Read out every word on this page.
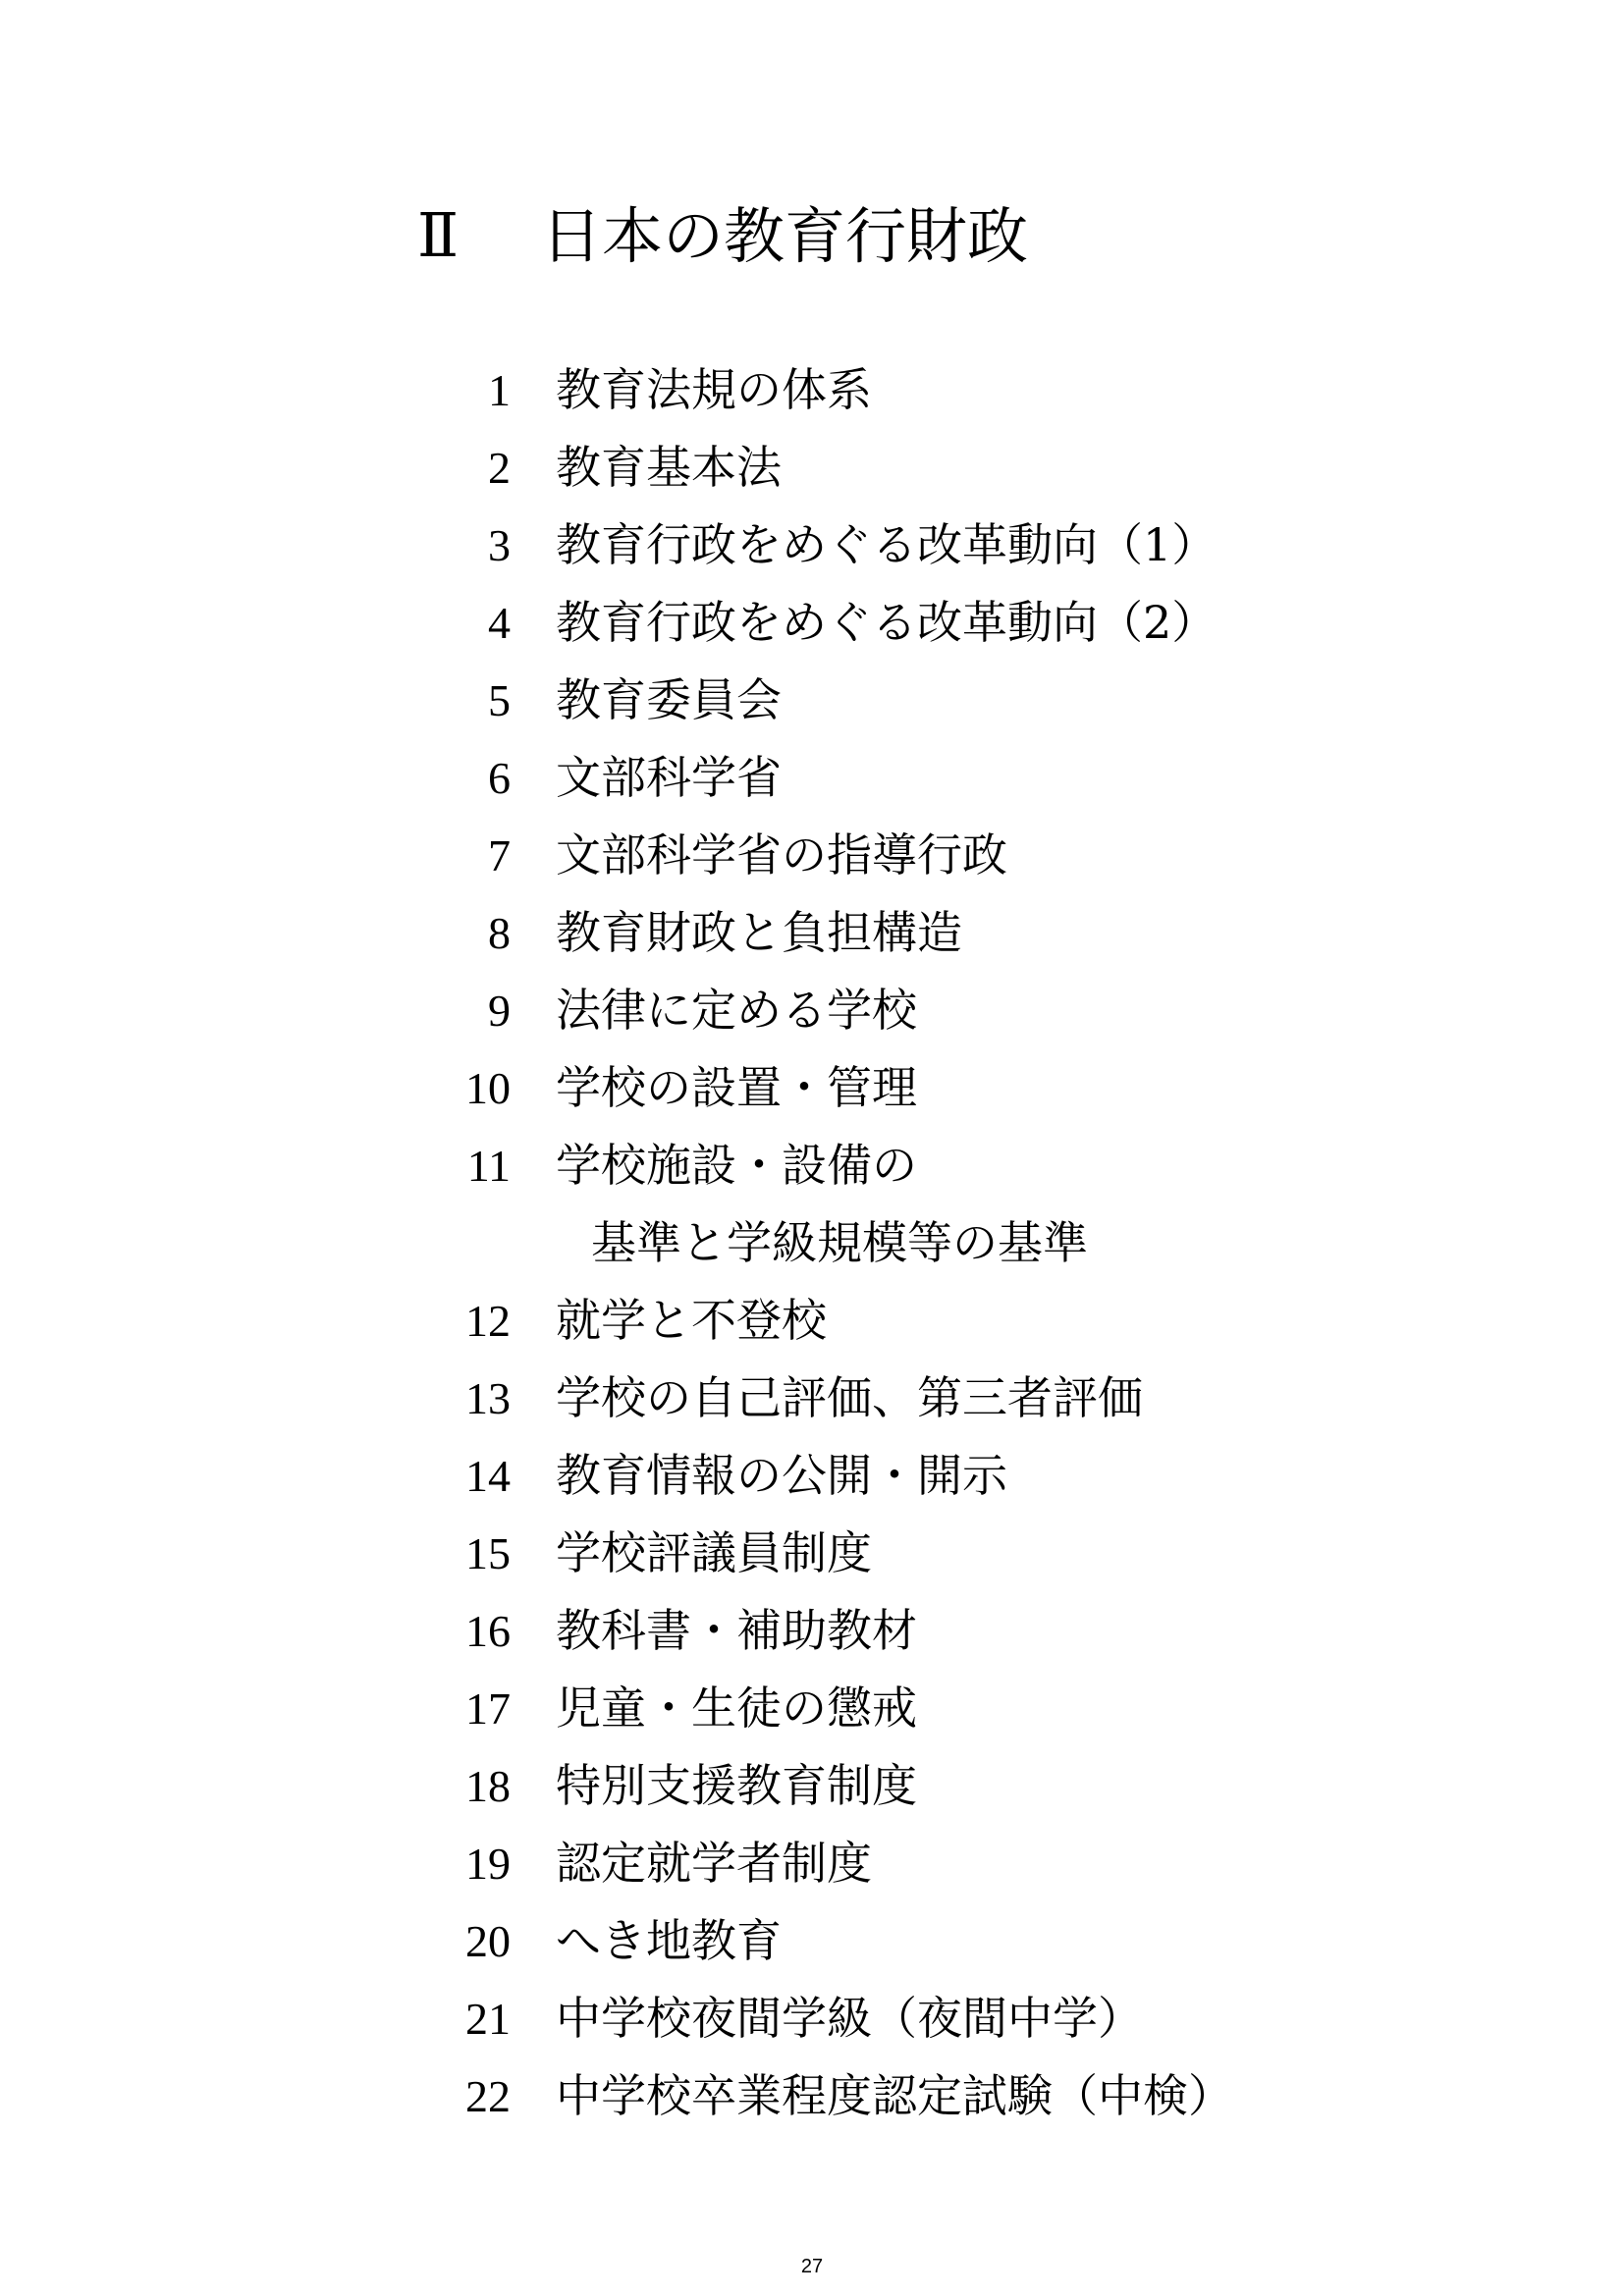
Ⅱ	日本の教育行財政
1 教育法規の体系
2 教育基本法
3 教育行政をめぐる改革動向（1）
4 教育行政をめぐる改革動向（2）
5 教育委員会
6 文部科学省
7 文部科学省の指導行政
8 教育財政と負担構造
9 法律に定める学校
10 学校の設置・管理
11 学校施設・設備の
基準と学級規模等の基準
12 就学と不登校
13 学校の自己評価、第三者評価
14 教育情報の公開・開示
15 学校評議員制度
16 教科書・補助教材
17 児童・生徒の懲戒
18 特別支援教育制度
19 認定就学者制度
20 へき地教育
21 中学校夜間学級（夜間中学）
22 中学校卒業程度認定試験（中検）
27
